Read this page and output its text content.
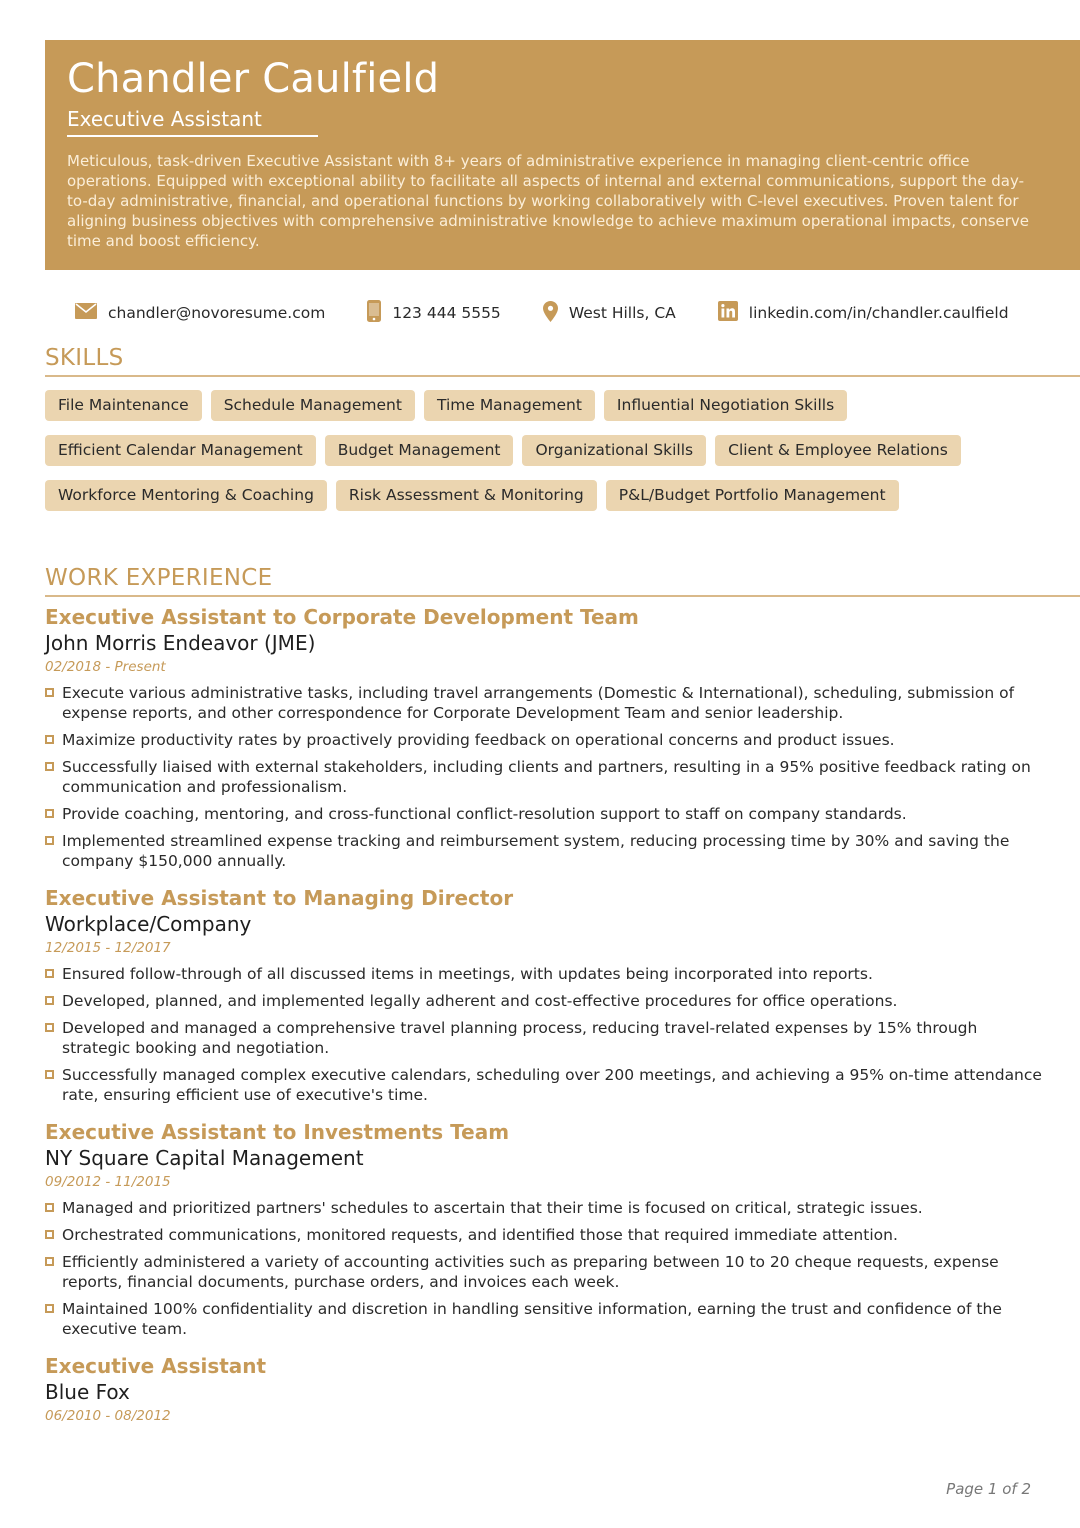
Chandler Caulfield
Executive Assistant
Meticulous, task-driven Executive Assistant with 8+ years of administrative experience in managing client-centric office operations. Equipped with exceptional ability to facilitate all aspects of internal and external communications, support the day-to-day administrative, financial, and operational functions by working collaboratively with C-level executives. Proven talent for aligning business objectives with comprehensive administrative knowledge to achieve maximum operational impacts, conserve time and boost efficiency.
chandler@novoresume.com	123 444 5555	West Hills, CA	linkedin.com/in/chandler.caulfield
SKILLS
File Maintenance	Schedule Management	Time Management	Influential Negotiation Skills
Efficient Calendar Management	Budget Management	Organizational Skills	Client & Employee Relations
Workforce Mentoring & Coaching	Risk Assessment & Monitoring	P&L/Budget Portfolio Management
WORK EXPERIENCE
Executive Assistant to Corporate Development Team
John Morris Endeavor (JME)
02/2018 - Present
Execute various administrative tasks, including travel arrangements (Domestic & International), scheduling, submission of expense reports, and other correspondence for Corporate Development Team and senior leadership.
Maximize productivity rates by proactively providing feedback on operational concerns and product issues.
Successfully liaised with external stakeholders, including clients and partners, resulting in a 95% positive feedback rating on communication and professionalism.
Provide coaching, mentoring, and cross-functional conflict-resolution support to staff on company standards.
Implemented streamlined expense tracking and reimbursement system, reducing processing time by 30% and saving the company $150,000 annually.
Executive Assistant to Managing Director
Workplace/Company
12/2015 - 12/2017
Ensured follow-through of all discussed items in meetings, with updates being incorporated into reports.
Developed, planned, and implemented legally adherent and cost-effective procedures for office operations.
Developed and managed a comprehensive travel planning process, reducing travel-related expenses by 15% through strategic booking and negotiation.
Successfully managed complex executive calendars, scheduling over 200 meetings, and achieving a 95% on-time attendance rate, ensuring efficient use of executive's time.
Executive Assistant to Investments Team
NY Square Capital Management
09/2012 - 11/2015
Managed and prioritized partners' schedules to ascertain that their time is focused on critical, strategic issues.
Orchestrated communications, monitored requests, and identified those that required immediate attention.
Efficiently administered a variety of accounting activities such as preparing between 10 to 20 cheque requests, expense reports, financial documents, purchase orders, and invoices each week.
Maintained 100% confidentiality and discretion in handling sensitive information, earning the trust and confidence of the executive team.
Executive Assistant
Blue Fox
06/2010 - 08/2012
Page 1 of 2
